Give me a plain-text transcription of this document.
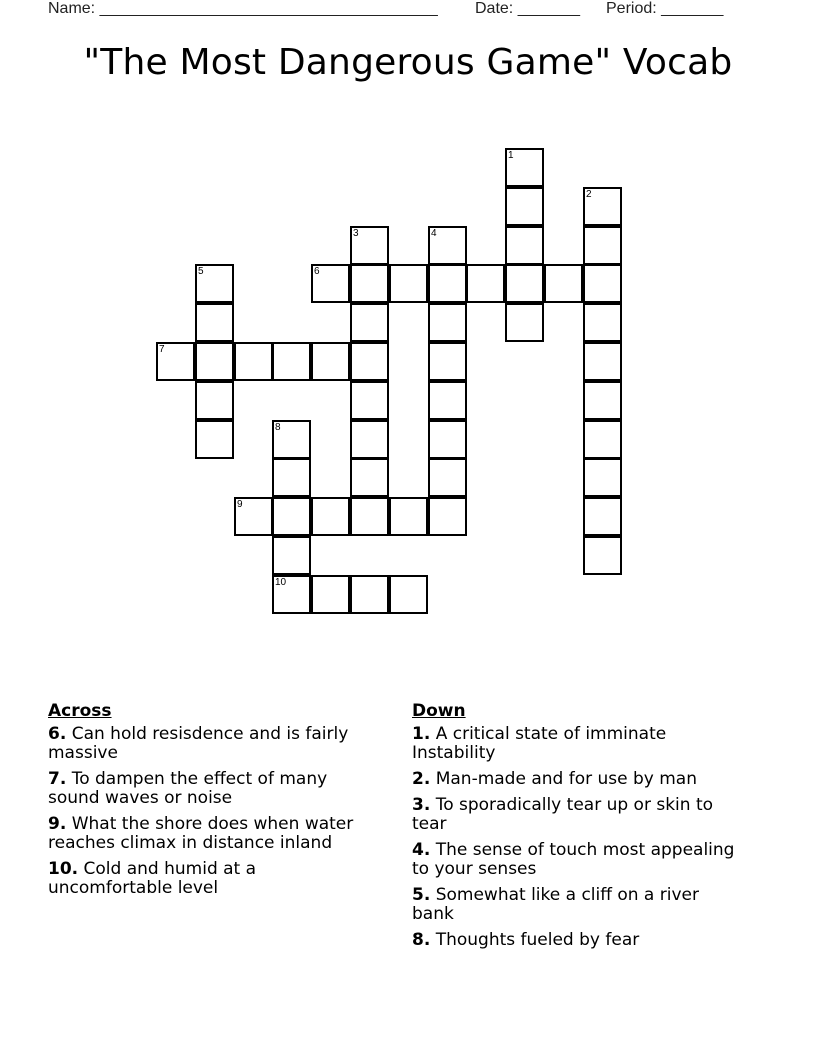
Name: ______________________________________ Date: _______ Period: _______
"The Most Dangerous Game" Vocab
1
2
3	4
5	6
7
8
10
9
Across
6. Can hold resisdence and is fairly massive
7. To dampen the effect of many sound waves or noise
9. What the shore does when water reaches climax in distance inland
10. Cold and humid at a uncomfortable level
Down
1. A critical state of imminate Instability
2. Man-made and for use by man
3. To sporadically tear up or skin to tear
4. The sense of touch most appealing to your senses
5. Somewhat like a cliff on a river bank
8. Thoughts fueled by fear
